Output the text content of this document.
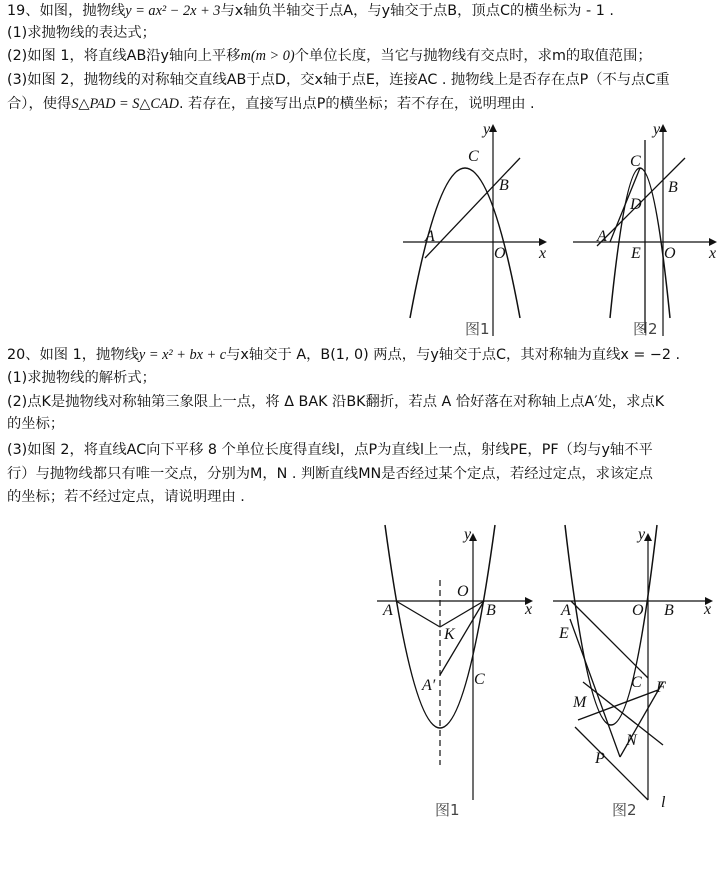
19、如图，抛物线y = ax² − 2x + 3与x轴负半轴交于点A，与y轴交于点B，顶点C的横坐标为 - 1 .
(1)求抛物线的表达式；
(2)如图 1，将直线AB沿y轴向上平移m(m > 0)个单位长度，当它与抛物线有交点时，求m的取值范围；
(3)如图 2，抛物线的对称轴交直线AB于点D，交x轴于点E，连接AC . 抛物线上是否存在点P（不与点C重
合），使得S△PAD = S△CAD. 若存在，直接写出点P的横坐标；若不存在，说明理由 .
y
x
A
B
C
O
图1
y
x
A
B
C
D
E O
图2
20、如图 1，抛物线y = x² + bx + c与x轴交于 A，B(1, 0) 两点，与y轴交于点C，其对称轴为直线x = −2 .
(1)求抛物线的解析式；
(2)点K是抛物线对称轴第三象限上一点，将 Δ BAK 沿BK翻折，若点 A 恰好落在对称轴上点A′处，求点K
的坐标；
(3)如图 2，将直线AC向下平移 8 个单位长度得直线l，点P为直线l上一点，射线PE，PF（均与y轴不平
行）与抛物线都只有唯一交点，分别为M，N . 判断直线MN是否经过某个定点，若经过定点，求该定点
的坐标；若不经过定点，请说明理由 .
y
x
A	B
O
K
A′ C
图1
y
x
A	O B
E
C F
M
N
P
l
图2
